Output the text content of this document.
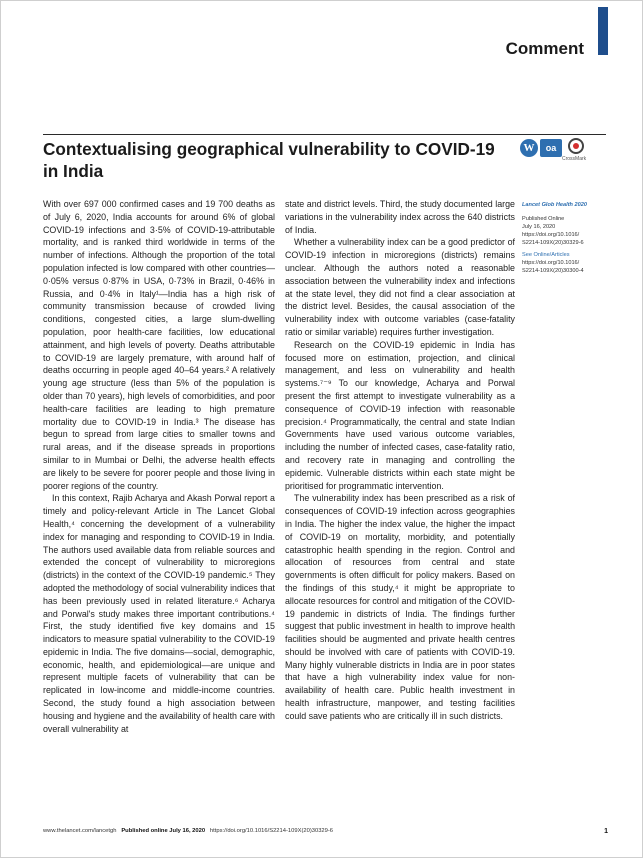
Comment
Contextualising geographical vulnerability to COVID-19 in India
W	oa
CrossMark

With over 697 000 confirmed cases and 19 700 deaths as of July 6, 2020, India accounts for around 6% of global COVID-19 infections and 3·5% of COVID-19-attributable mortality, and is ranked third worldwide in terms of the number of infections. Although the proportion of the total population infected is low compared with other countries—0·05% versus 0·87% in USA, 0·73% in Brazil, 0·46% in Russia, and 0·4% in Italy¹—India has a high risk of community transmission because of crowded living conditions, congested cities, a large slum-dwelling population, poor health-care facilities, low educational attainment, and high levels of poverty. Deaths attributable to COVID-19 are largely premature, with around half of deaths occurring in people aged 40–64 years.² A relatively young age structure (less than 5% of the population is older than 70 years), high levels of comorbidities, and poor health-care facilities are leading to high premature mortality due to COVID-19 in India.³ The disease has begun to spread from large cities to smaller towns and rural areas, and if the disease spreads in proportions similar to in Mumbai or Delhi, the adverse health effects are likely to be severe for poorer people and those living in poorer regions of the country.

In this context, Rajib Acharya and Akash Porwal report a timely and policy-relevant Article in The Lancet Global Health,⁴ concerning the development of a vulnerability index for managing and responding to COVID-19 in India. The authors used available data from reliable sources and extended the concept of vulnerability to microregions (districts) in the context of the COVID-19 pandemic.⁵ They adopted the methodology of social vulnerability indices that has been previously used in related literature.⁶ Acharya and Porwal's study makes three important contributions.⁴ First, the study identified five key domains and 15 indicators to measure spatial vulnerability to the COVID-19 epidemic in India. The five domains—social, demographic, economic, health, and epidemiological—are unique and represent multiple facets of vulnerability that can be replicated in low-income and middle-income countries. Second, the study found a high association between housing and hygiene and the availability of health care with overall vulnerability at

state and district levels. Third, the study documented large variations in the vulnerability index across the 640 districts of India.

Whether a vulnerability index can be a good predictor of COVID-19 infection in microregions (districts) remains unclear. Although the authors noted a reasonable association between the vulnerability index and infections at the state level, they did not find a clear association at the district level. Besides, the causal association of the vulnerability index with outcome variables (case-fatality ratio or similar variable) requires further investigation.

Research on the COVID-19 epidemic in India has focused more on estimation, projection, and clinical management, and less on vulnerability and health systems.⁷⁻⁹ To our knowledge, Acharya and Porwal present the first attempt to investigate vulnerability as a consequence of COVID-19 infection with reasonable precision.⁴ Programmatically, the central and state Indian Governments have used various outcome variables, including the number of infected cases, case-fatality ratio, and recovery rate in managing and controlling the epidemic. Vulnerable districts within each state might be prioritised for programmatic intervention.

The vulnerability index has been prescribed as a risk of consequences of COVID-19 infection across geographies in India. The higher the index value, the higher the impact of COVID-19 on mortality, morbidity, and potentially catastrophic health spending in the region. Control and allocation of resources from central and state governments is often difficult for policy makers. Based on the findings of this study,⁴ it might be appropriate to allocate resources for control and mitigation of the COVID-19 pandemic in districts of India. The findings further suggest that public investment in health to improve health facilities should be augmented and private health centres should be involved with care of patients with COVID-19. Many highly vulnerable districts in India are in poor states that have a high vulnerability index value for non-availability of health care. Public health investment in health infrastructure, manpower, and testing facilities could save patients who are critically ill in such districts.

Lancet Glob Health 2020
Published Online
July 16, 2020
https://doi.org/10.1016/
S2214-109X(20)30329-6
See Online/Articles
https://doi.org/10.1016/
S2214-109X(20)30300-4
www.thelancet.com/lancetgh Published online July 16, 2020 https://doi.org/10.1016/S2214-109X(20)30329-6	1
